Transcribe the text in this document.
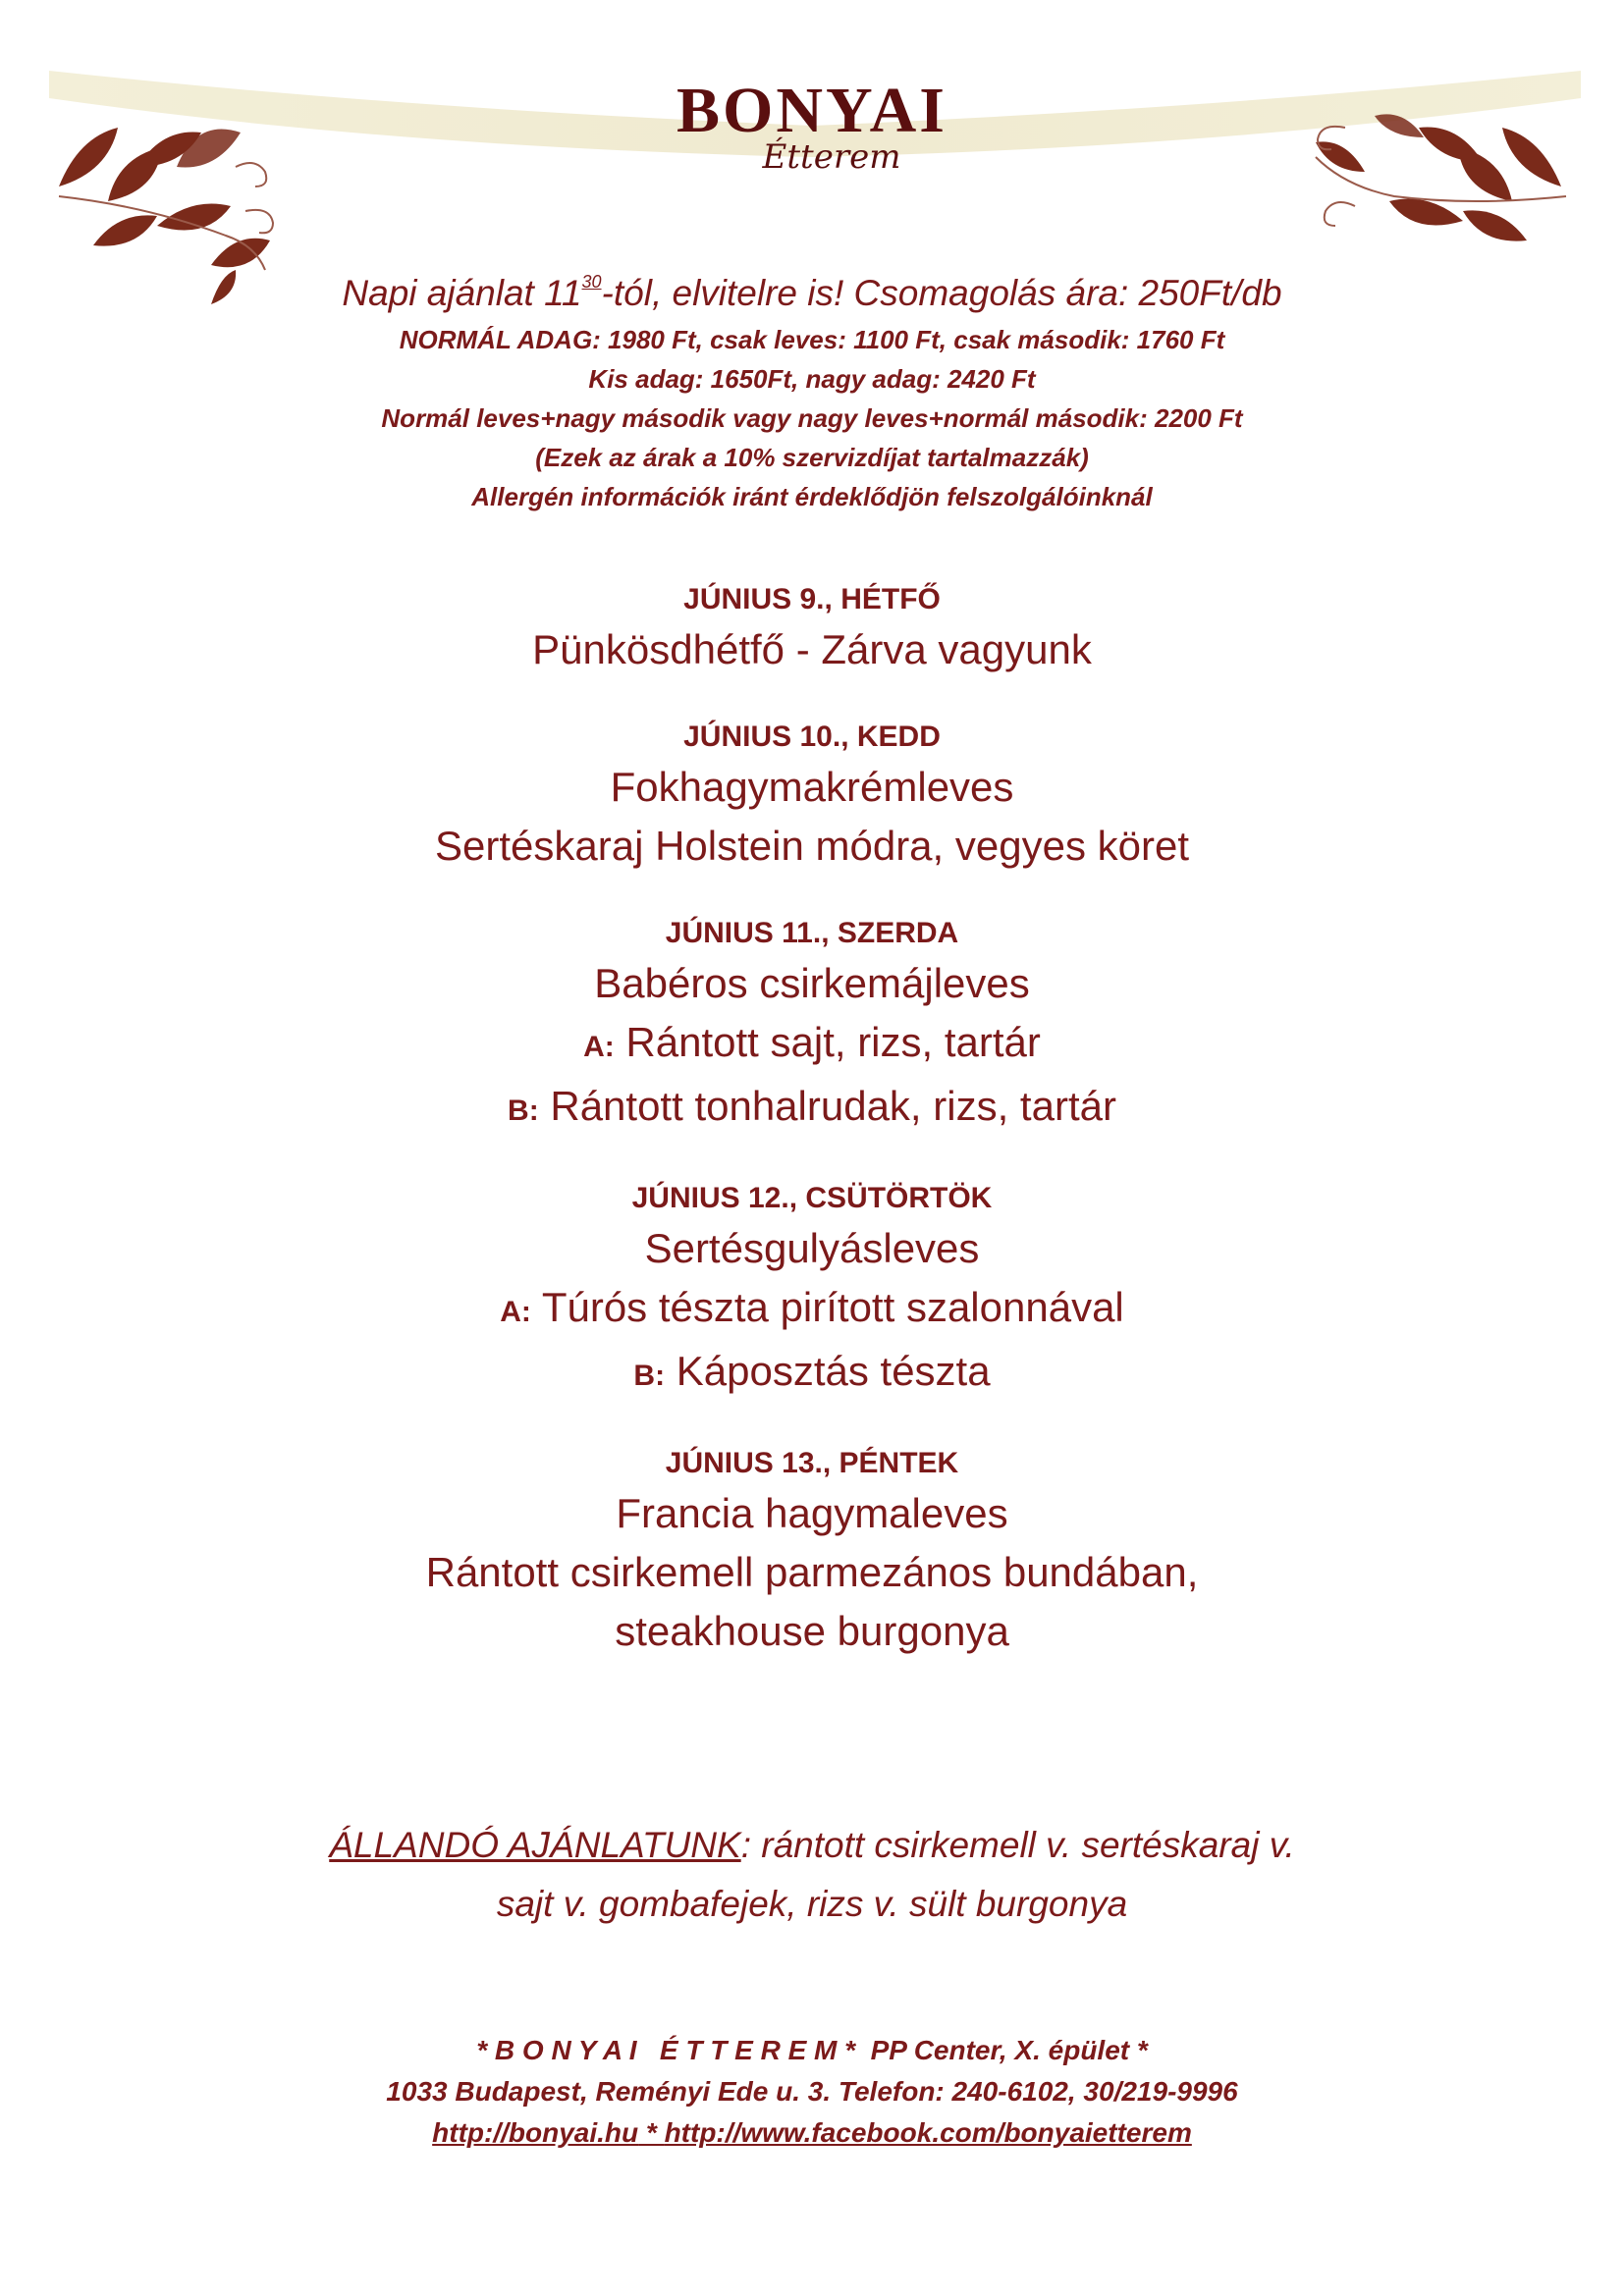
BONYAI
Étterem
Napi ajánlat $11^{30}$-tól, elvitelre is! Csomagolás ára: 250Ft/db
NORMÁL ADAG: 1980 Ft, csak leves: 1100 Ft, csak második: 1760 Ft
Kis adag: 1650Ft, nagy adag: 2420 Ft
Normál leves+nagy második vagy nagy leves+normál második: 2200 Ft
(Ezek az árak a 10% szervizdíjat tartalmazzák)
Allergén információk iránt érdeklődjön felszolgálóinknál
JÚNIUS 9., HÉTFŐ
Pünkösdhétfő - Zárva vagyunk
JÚNIUS 10., KEDD
Fokhagymakrémleves
Sertéskaraj Holstein módra, vegyes köret
JÚNIUS 11., SZERDA
Babéros csirkemájleves
A: Rántott sajt, rizs, tartár
B: Rántott tonhalrudak, rizs, tartár
JÚNIUS 12., CSÜTÖRTÖK
Sertésgulyásleves
A: Túrós tészta pirított szalonnával
B: Káposztás tészta
JÚNIUS 13., PÉNTEK
Francia hagymaleves
Rántott csirkemell parmezános bundában,
steakhouse burgonya
ÁLLANDÓ AJÁNLATUNK: rántott csirkemell v. sertéskaraj v.
sajt v. gombafejek, rizs v. sült burgonya
* B O N Y A I   É T T E R E M *  PP Center, X. épület *
1033 Budapest, Reményi Ede u. 3. Telefon: 240-6102, 30/219-9996
http://bonyai.hu * http://www.facebook.com/bonyaietterem
